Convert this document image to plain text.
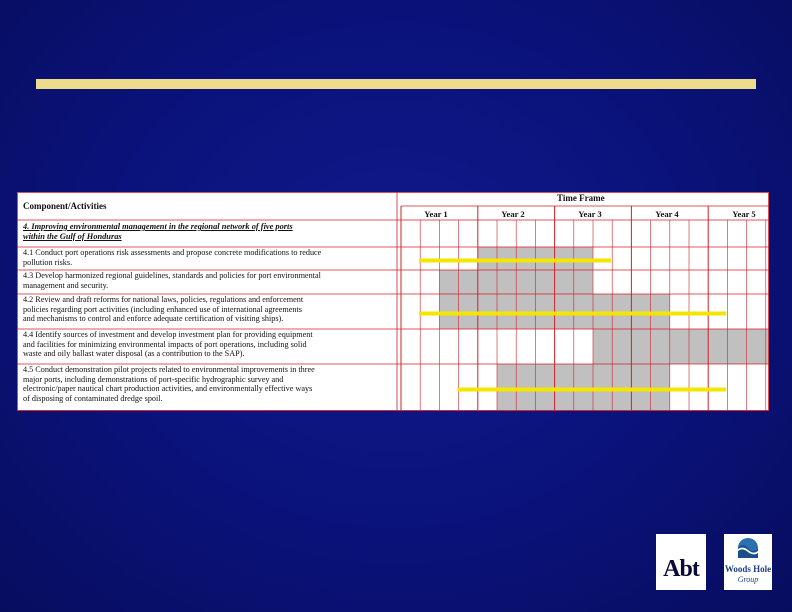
Component/Activities
Time Frame
Year 1	Year 2	Year 3	Year 4	Year 5
4. Improving environmental management in the regional network of five ports
within the Gulf of Honduras
4.1 Conduct port operations risk assessments and propose concrete modifications to reduce
pollution risks.
4.3 Develop harmonized regional guidelines, standards and policies for port environmental
management and security.
4.2 Review and draft reforms for national laws, policies, regulations and enforcement
policies regarding port activities (including enhanced use of international agreements
and mechanisms to control and enforce adequate certification of visiting ships).
4.4 Identify sources of investment and develop investment plan for providing equipment
and facilities for minimizing environmental impacts of port operations, including solid
waste and oily ballast water disposal (as a contribution to the SAP).
4.5 Conduct demonstration pilot projects related to environmental improvements in three
major ports, including demonstrations of port-specific hydrographic survey and
electronic/paper nautical chart production activities, and environmentally effective ways
of disposing of contaminated dredge spoil.
Abt	Woods Hole
Group
